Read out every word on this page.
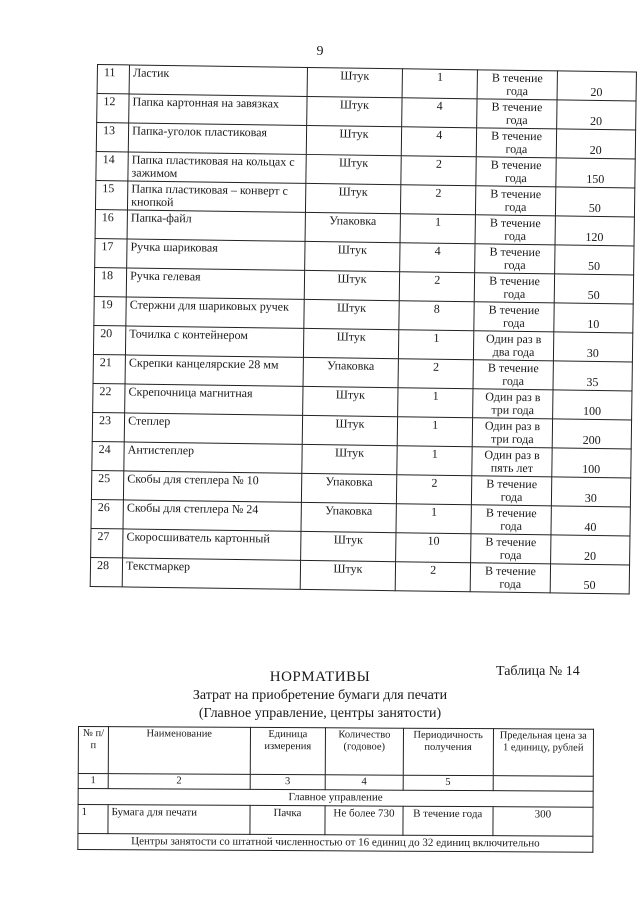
9
11	Ластик	Штук	1	В течение года	20
12	Папка картонная на завязках	Штук	4	В течение года	20
13	Папка-уголок пластиковая	Штук	4	В течение года	20
14	Папка пластиковая на кольцах с зажимом	Штук	2	В течение года	150
15	Папка пластиковая – конверт с кнопкой	Штук	2	В течение года	50
16	Папка-файл	Упаковка	1	В течение года	120
17	Ручка шариковая	Штук	4	В течение года	50
18	Ручка гелевая	Штук	2	В течение года	50
19	Стержни для шариковых ручек	Штук	8	В течение года	10
20	Точилка с контейнером	Штук	1	Один раз в два года	30
21	Скрепки канцелярские 28 мм	Упаковка	2	В течение года	35
22	Скрепочница магнитная	Штук	1	Один раз в три года	100
23	Степлер	Штук	1	Один раз в три года	200
24	Антистеплер	Штук	1	Один раз в пять лет	100
25	Скобы для степлера № 10	Упаковка	2	В течение года	30
26	Скобы для степлера № 24	Упаковка	1	В течение года	40
27	Скоросшиватель картонный	Штук	10	В течение года	20
28	Текстмаркер	Штук	2	В течение года	50
Таблица № 14
НОРМАТИВЫ
Затрат на приобретение бумаги для печати
(Главное управление, центры занятости)
№ п/п	Наименование	Единица измерения	Количество (годовое)	Периодичность получения	Предельная цена за 1 единицу, рублей
1	2	3	4	5	
Главное управление					
1	Бумага для печати	Пачка	Не более 730	В течение года	300
Центры занятости со штатной численностью от 16 единиц до 32 единиц включительно					
